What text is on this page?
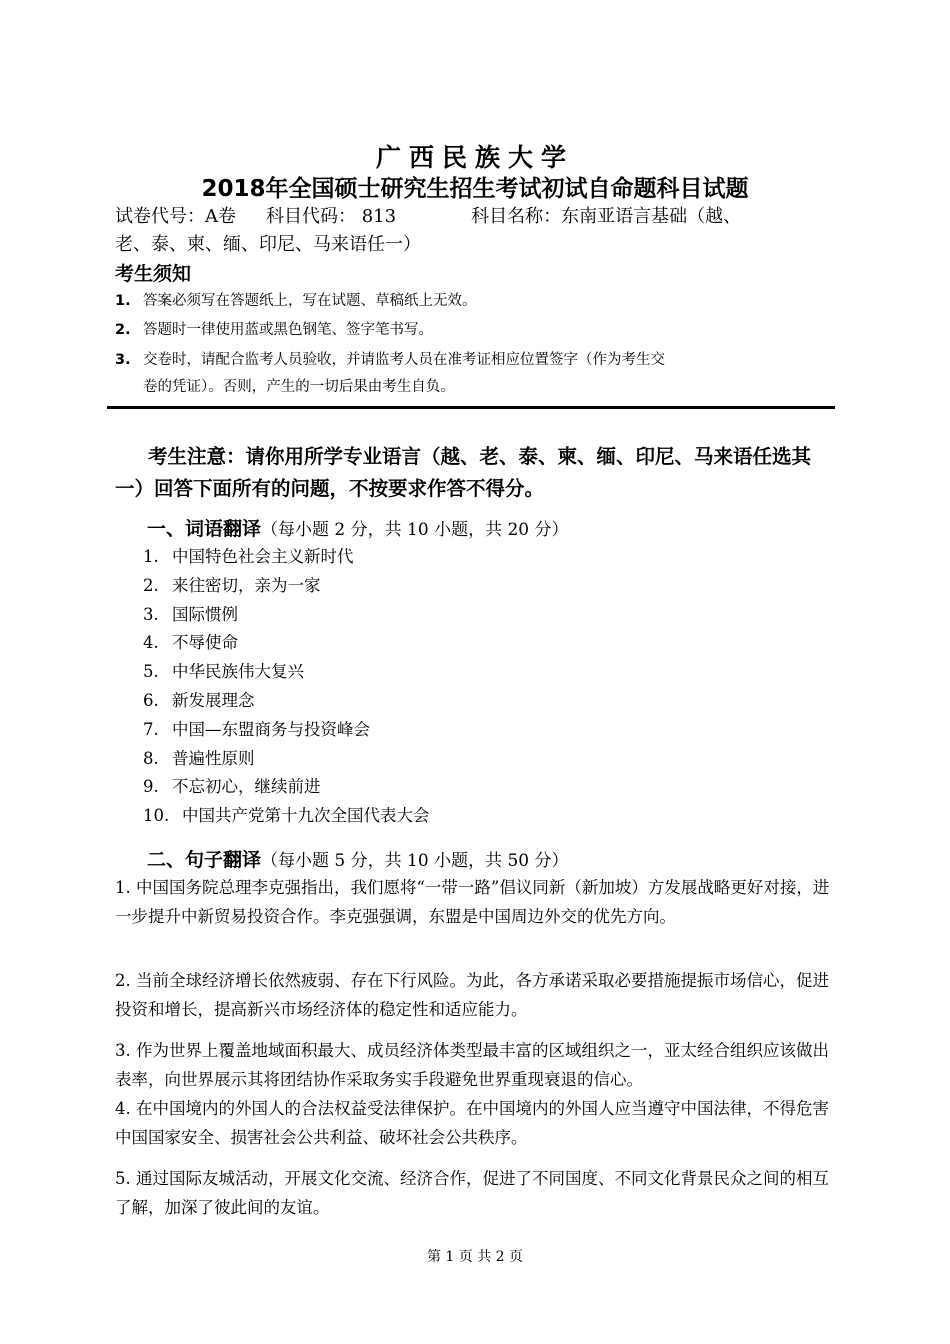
广西民族大学
2018年全国硕士研究生招生考试初试自命题科目试题
试卷代号：A卷 科目代码： 813	科目名称：东南亚语言基础（越、
老、泰、柬、缅、印尼、马来语任一）
考生须知
1. 答案必须写在答题纸上，写在试题、草稿纸上无效。
2. 答题时一律使用蓝或黑色钢笔、签字笔书写。
3. 交卷时，请配合监考人员验收，并请监考人员在准考证相应位置签字（作为考生交
卷的凭证）。否则，产生的一切后果由考生自负。
考生注意：请你用所学专业语言（越、老、泰、柬、缅、印尼、马来语任选其一）回答下面所有的问题，不按要求作答不得分。
一、词语翻译（每小题 2 分，共 10 小题，共 20 分）
1. 中国特色社会主义新时代
2. 来往密切，亲为一家
3. 国际惯例
4. 不辱使命
5. 中华民族伟大复兴
6. 新发展理念
7. 中国—东盟商务与投资峰会
8. 普遍性原则
9. 不忘初心，继续前进
10. 中国共产党第十九次全国代表大会
二、句子翻译（每小题 5 分，共 10 小题，共 50 分）
1. 中国国务院总理李克强指出，我们愿将“一带一路”倡议同新（新加坡）方发展战略更好对接，进一步提升中新贸易投资合作。李克强强调，东盟是中国周边外交的优先方向。
2. 当前全球经济增长依然疲弱、存在下行风险。为此，各方承诺采取必要措施提振市场信心，促进投资和增长，提高新兴市场经济体的稳定性和适应能力。
3. 作为世界上覆盖地域面积最大、成员经济体类型最丰富的区域组织之一，亚太经合组织应该做出表率，向世界展示其将团结协作采取务实手段避免世界重现衰退的信心。
4. 在中国境内的外国人的合法权益受法律保护。在中国境内的外国人应当遵守中国法律，不得危害中国国家安全、损害社会公共利益、破坏社会公共秩序。
5. 通过国际友城活动，开展文化交流、经济合作，促进了不同国度、不同文化背景民众之间的相互了解，加深了彼此间的友谊。
第 1 页 共 2 页
